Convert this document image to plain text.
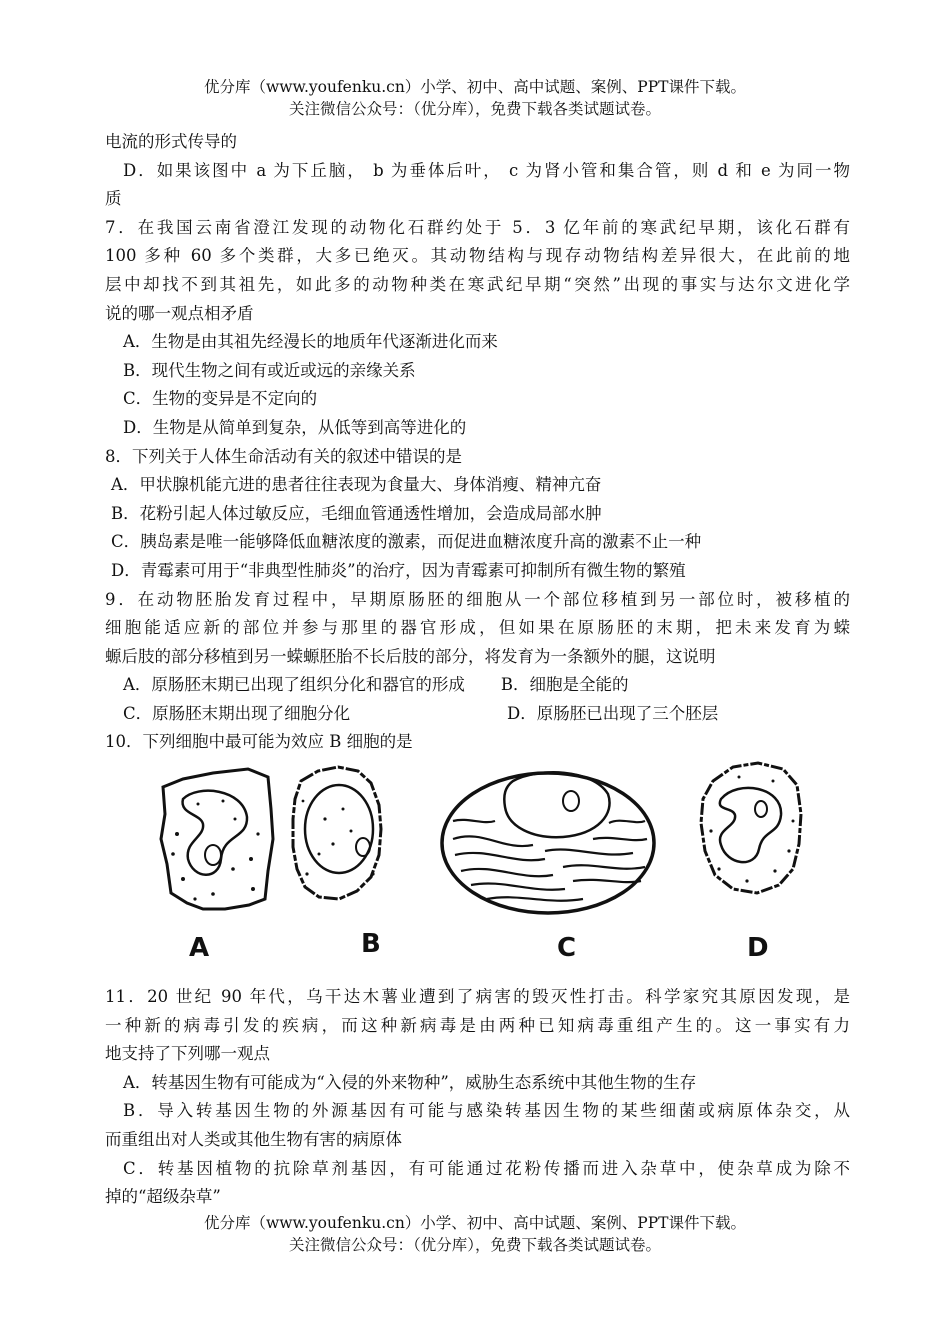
优分库（www.youfenku.cn）小学、初中、高中试题、案例、PPT课件下载。
关注微信公众号：（优分库），免费下载各类试题试卷。
电流的形式传导的
D．如果该图中 a 为下丘脑， b 为垂体后叶， c 为肾小管和集合管，则 d 和 e 为同一物
质
7．在我国云南省澄江发现的动物化石群约处于 5．3 亿年前的寒武纪早期，该化石群有
100 多种 60 多个类群，大多已绝灭。其动物结构与现存动物结构差异很大，在此前的地
层中却找不到其祖先，如此多的动物种类在寒武纪早期“突然”出现的事实与达尔文进化学
说的哪一观点相矛盾
A．生物是由其祖先经漫长的地质年代逐渐进化而来
B．现代生物之间有或近或远的亲缘关系
C．生物的变异是不定向的
D．生物是从简单到复杂，从低等到高等进化的
8．下列关于人体生命活动有关的叙述中错误的是
A．甲状腺机能亢进的患者往往表现为食量大、身体消瘦、精神亢奋
B．花粉引起人体过敏反应，毛细血管通透性增加，会造成局部水肿
C．胰岛素是唯一能够降低血糖浓度的激素，而促进血糖浓度升高的激素不止一种
D．青霉素可用于“非典型性肺炎”的治疗，因为青霉素可抑制所有微生物的繁殖
9．在动物胚胎发育过程中，早期原肠胚的细胞从一个部位移植到另一部位时，被移植的
细胞能适应新的部位并参与那里的器官形成，但如果在原肠胚的末期，把未来发育为蝾
螈后肢的部分移植到另一蝾螈胚胎不长后肢的部分，将发育为一条额外的腿，这说明
A．原肠胚末期已出现了组织分化和器官的形成 B．细胞是全能的
C．原肠胚末期出现了细胞分化	D．原肠胚已出现了三个胚层
10．下列细胞中最可能为效应 B 细胞的是
A	B	C	D
11．20 世纪 90 年代，乌干达木薯业遭到了病害的毁灭性打击。科学家究其原因发现，是
一种新的病毒引发的疾病，而这种新病毒是由两种已知病毒重组产生的。这一事实有力
地支持了下列哪一观点
A．转基因生物有可能成为“入侵的外来物种”，威胁生态系统中其他生物的生存
B．导入转基因生物的外源基因有可能与感染转基因生物的某些细菌或病原体杂交，从
而重组出对人类或其他生物有害的病原体
C．转基因植物的抗除草剂基因，有可能通过花粉传播而进入杂草中，使杂草成为除不
掉的“超级杂草”
优分库（www.youfenku.cn）小学、初中、高中试题、案例、PPT课件下载。
关注微信公众号：（优分库），免费下载各类试题试卷。
